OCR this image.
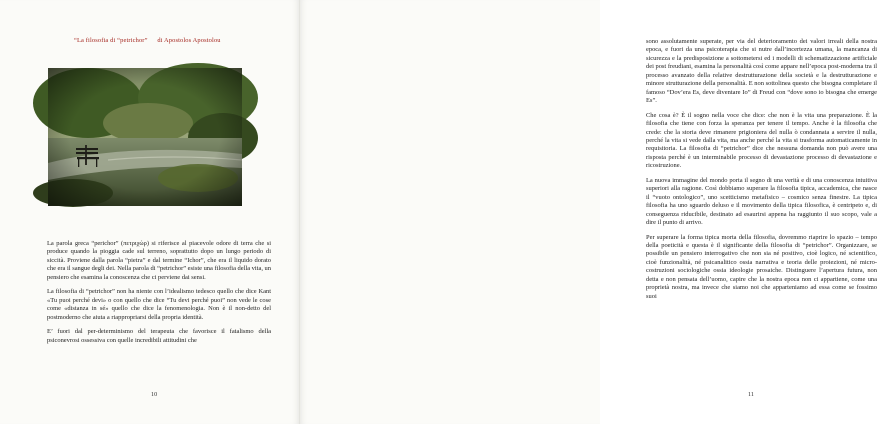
“La filosofia di “petrichor” di Apostolos Apostolou

La parola greca “perichor” (πετριχώρ) si riferisce al piacevole odore di terra che si produce quando la pioggia cade sul terreno, soprattutto dopo un lungo periodo di siccità. Proviene dalla parola “pietra” e dal termine “Ichor”, che era il liquido dorato che era il sangue degli dei. Nella parola di “petrichor” esiste una filosofia della vita, un pensiero che esamina la conoscenza che ci perviene dai sensi.

La filosofia di “petrichor” non ha niente con l’idealismo tedesco quello che dice Kant «Tu puoi perché devi» o con quello che dice “Tu devi perché puoi” non vede le cose come «distanza in sé» quello che dice la fenomenologia. Non è il non-detto del postmoderno che aiuta a riappropriarsi della propria identità.

E’ fuori dal per-determinismo del terapeuta che favorisce il fatalismo della psiconevrosi ossessiva con quelle incredibili attitudini che

10

sono assolutamente superate, per via del deterioramento dei valori irreali della nostra epoca, e fuori da una psicoterapia che si nutre dall’incertezza umana, la mancanza di sicurezza e la predisposizione a sottometersi ed i modelli di schematizzazione artificiale dei post freudiani, esamina la personalità così come appare nell’epoca post-moderna tra il processo avanzato della relative destrutturazione della società e la destrutturazione e minore strutturazione della personalità. E non sottolinea questo che bisogna completare il famoso “Dov’era Es, deve diventare Io” di Freud con “dove sono io bisogna che emerge Es”.

Che cosa è? È il sogno nella voce che dice: che non è la vita una preparazione. È la filosofia che tiene con forza la speranza per tenere il tempo. Anche è la filosofia che crede: che la storia deve rimanere prigioniera del nulla ò condannata a servire il nulla, perché la vita si vede dalla vita, ma anche perché la vita si trasforma automaticamente in requisitoria. La filosofia di “petrichor” dice che nessuna domanda non può avere una risposta perché è un interminabile processo di devastazione processo di devastazione e ricostruzione.

La nuova immagine del mondo porta il segno di una verità e di una conoscenza intuitiva superiori alla ragione. Così dobbiamo superare la filosofia tipica, accademica, che nasce il “vuoto ontologico”, uno scetticismo metafisico – cosmico senza finestre. La tipica filosofia ha uno sguardo deluso e il movimento della tipica filosofica, è centripeto e, di conseguenza riducibile, destinato ad esaurirsi appena ha raggiunto il suo scopo, vale a dire il punto di arrivo.

Per superare la forma tipica morta della filosofia, dovremmo riaprire lo spazio – tempo della poeticità e questa è il significante della filosofia di “petrichor”. Organizzare, se possibile un pensiero interrogativo che non sia né positivo, cioè logico, né scientifico, cioè funzionalità, né psicanalitico ossia narrativa e teoria delle proiezioni, né micro-costruzioni sociologiche ossia ideologie prosaiche. Distinguere l’apertura futura, non detta e non pensata dell’uomo, capire che la nostra epoca non ci appartiene, come una proprietà nostra, ma invece che siamo noi che apparteniamo ad essa come se fossimo suoi

11
